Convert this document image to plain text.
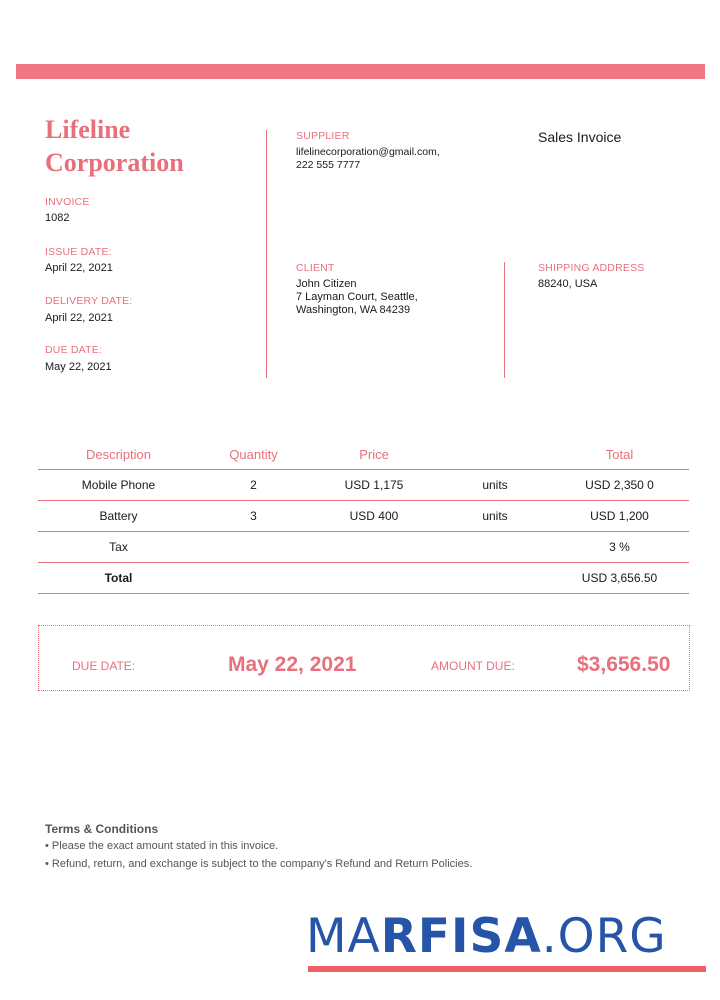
Lifeline Corporation
INVOICE
1082
ISSUE DATE:
April 22, 2021
DELIVERY DATE:
April 22, 2021
DUE DATE:
May 22, 2021
SUPPLIER
lifelinecorporation@gmail.com,
222 555 7777
Sales Invoice
CLIENT
John Citizen
7 Layman Court, Seattle,
Washington, WA 84239
SHIPPING ADDRESS
88240, USA
Description	Quantity	Price		Total
Mobile Phone	2	USD 1,175	units	USD 2,350 0
Battery	3	USD 400	units	USD 1,200
Tax				3 %
Total				USD 3,656.50
DUE DATE:	May 22, 2021	AMOUNT DUE:	$3,656.50
Terms & Conditions
• Please the exact amount stated in this invoice.
• Refund, return, and exchange is subject to the company's Refund and Return Policies.
MARFISA.ORG
